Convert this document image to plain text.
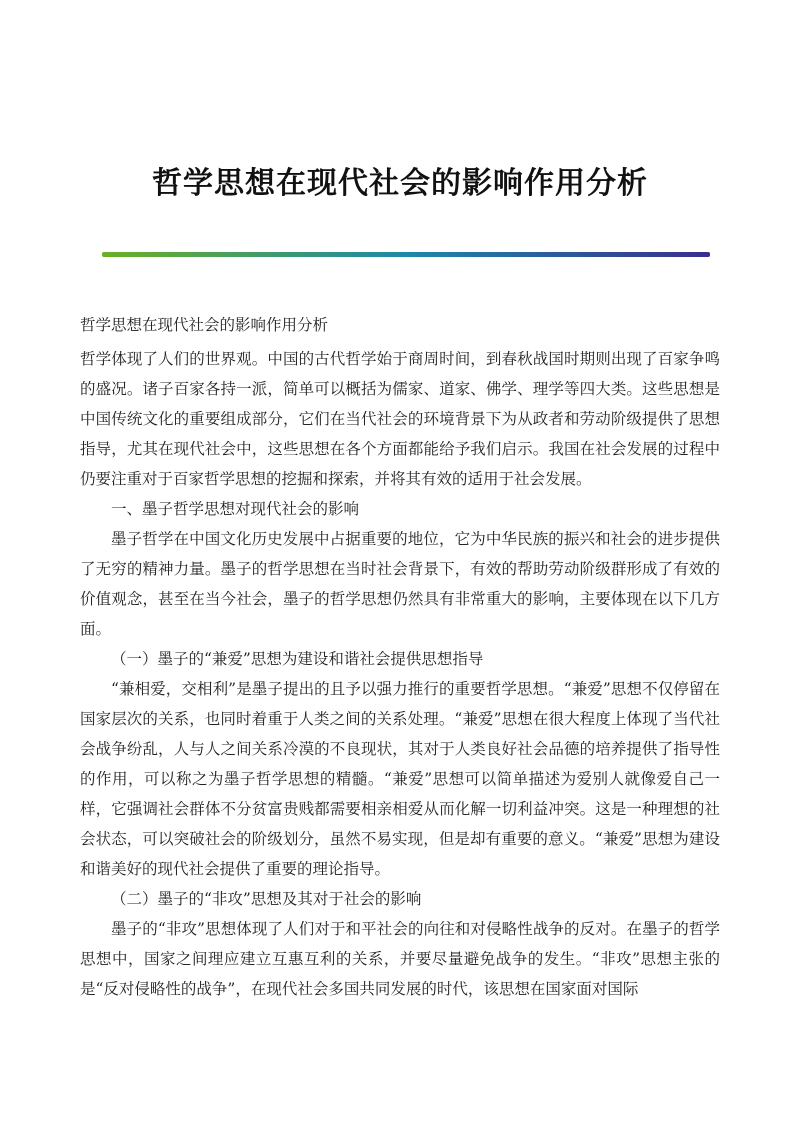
哲学思想在现代社会的影响作用分析

哲学思想在现代社会的影响作用分析

哲学体现了人们的世界观。中国的古代哲学始于商周时间，到春秋战国时期则出现了百家争鸣的盛况。诸子百家各持一派，简单可以概括为儒家、道家、佛学、理学等四大类。这些思想是中国传统文化的重要组成部分，它们在当代社会的环境背景下为从政者和劳动阶级提供了思想指导，尤其在现代社会中，这些思想在各个方面都能给予我们启示。我国在社会发展的过程中仍要注重对于百家哲学思想的挖掘和探索，并将其有效的适用于社会发展。

一、墨子哲学思想对现代社会的影响

墨子哲学在中国文化历史发展中占据重要的地位，它为中华民族的振兴和社会的进步提供了无穷的精神力量。墨子的哲学思想在当时社会背景下，有效的帮助劳动阶级群形成了有效的价值观念，甚至在当今社会，墨子的哲学思想仍然具有非常重大的影响，主要体现在以下几方面。

（一）墨子的“兼爱”思想为建设和谐社会提供思想指导

“兼相爱，交相利”是墨子提出的且予以强力推行的重要哲学思想。“兼爱”思想不仅停留在国家层次的关系，也同时着重于人类之间的关系处理。“兼爱”思想在很大程度上体现了当代社会战争纷乱，人与人之间关系冷漠的不良现状，其对于人类良好社会品德的培养提供了指导性的作用，可以称之为墨子哲学思想的精髓。“兼爱”思想可以简单描述为爱别人就像爱自己一样，它强调社会群体不分贫富贵贱都需要相亲相爱从而化解一切利益冲突。这是一种理想的社会状态，可以突破社会的阶级划分，虽然不易实现，但是却有重要的意义。“兼爱”思想为建设和谐美好的现代社会提供了重要的理论指导。

（二）墨子的“非攻”思想及其对于社会的影响

墨子的“非攻”思想体现了人们对于和平社会的向往和对侵略性战争的反对。在墨子的哲学思想中，国家之间理应建立互惠互利的关系，并要尽量避免战争的发生。“非攻”思想主张的是“反对侵略性的战争”，在现代社会多国共同发展的时代，该思想在国家面对国际
